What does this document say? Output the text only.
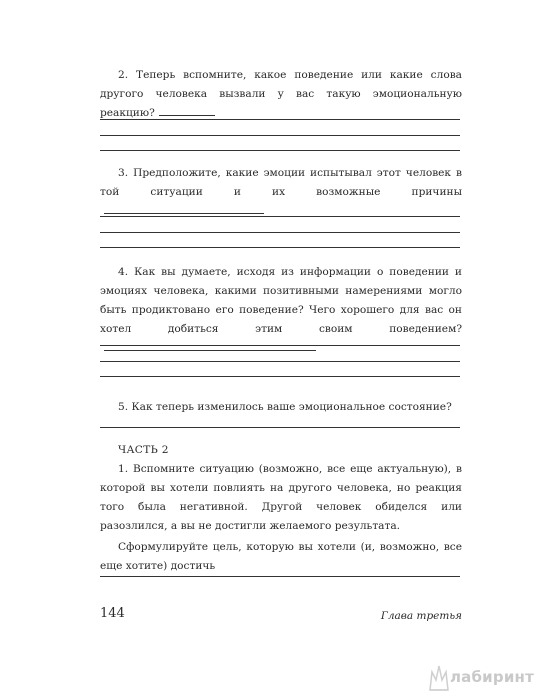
2. Теперь вспомните, какое поведение или какие слова другого человека вызвали у вас такую эмоциональную реакцию?

3. Предположите, какие эмоции испытывал этот человек в той ситуации и их возможные причины

4. Как вы думаете, исходя из информации о поведении и эмоциях человека, какими позитивными намерениями могло быть продиктовано его поведение? Чего хорошего для вас он хотел добиться этим своим поведением?

5. Как теперь изменилось ваше эмоциональное состояние?

ЧАСТЬ 2

1. Вспомните ситуацию (возможно, все еще актуальную), в которой вы хотели повлиять на другого человека, но реакция того была негативной. Другой человек обиделся или разозлился, а вы не достигли желаемого результата.

Сформулируйте цель, которую вы хотели (и, возможно, все еще хотите) достичь

144	Глава третья
лабиринт
